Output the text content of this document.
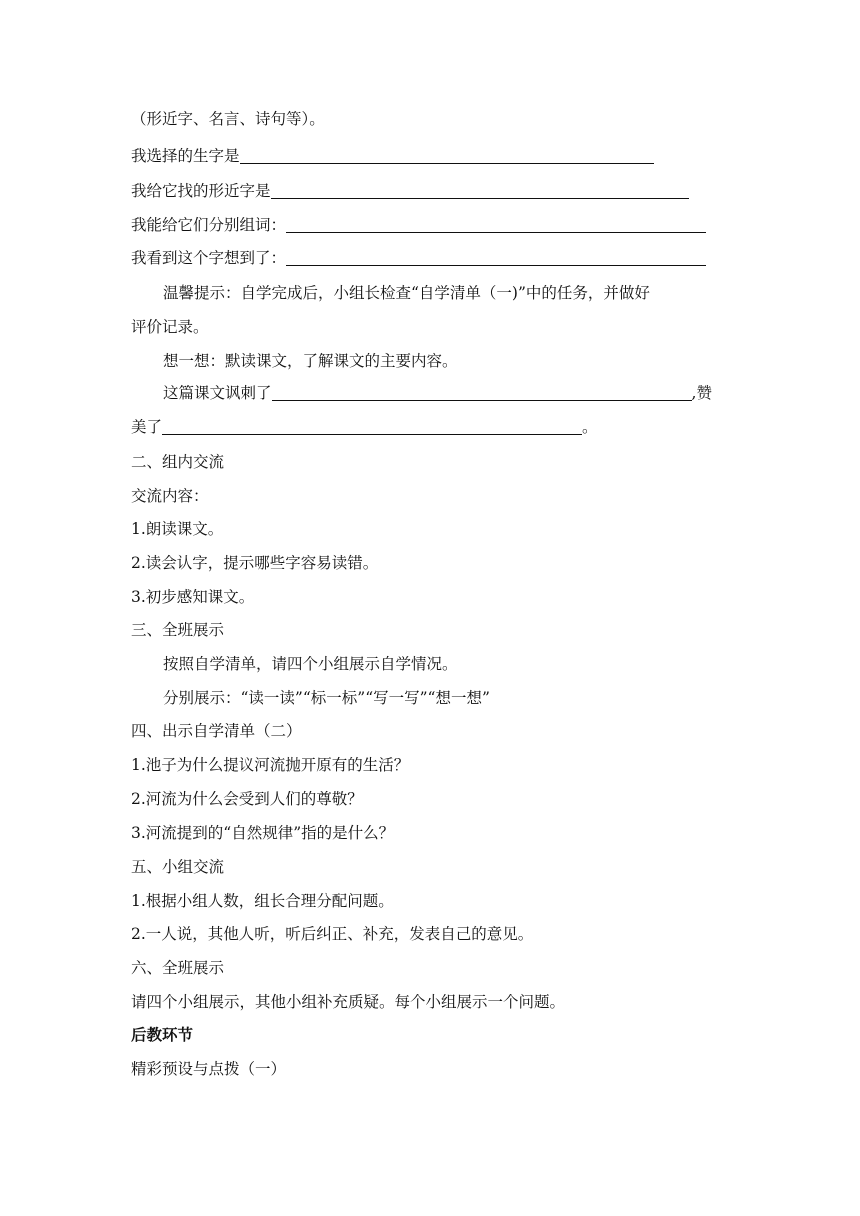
（形近字、名言、诗句等）。
我选择的生字是
我给它找的形近字是
我能给它们分别组词：
我看到这个字想到了：
温馨提示：自学完成后，小组长检查“自学清单（一)”中的任务，并做好
评价记录。
想一想：默读课文，了解课文的主要内容。
这篇课文讽刺了	,赞
美了	。
二、组内交流
交流内容：
1.朗读课文。
2.读会认字，提示哪些字容易读错。
3.初步感知课文。
三、全班展示
按照自学清单，请四个小组展示自学情况。
分别展示：“读一读”“标一标”“写一写”“想一想”
四、出示自学清单（二）
1.池子为什么提议河流抛开原有的生活？
2.河流为什么会受到人们的尊敬？
3.河流提到的“自然规律”指的是什么？
五、小组交流
1.根据小组人数，组长合理分配问题。
2.一人说，其他人听，听后纠正、补充，发表自己的意见。
六、全班展示
请四个小组展示，其他小组补充质疑。每个小组展示一个问题。
后教环节
精彩预设与点拨（一）
